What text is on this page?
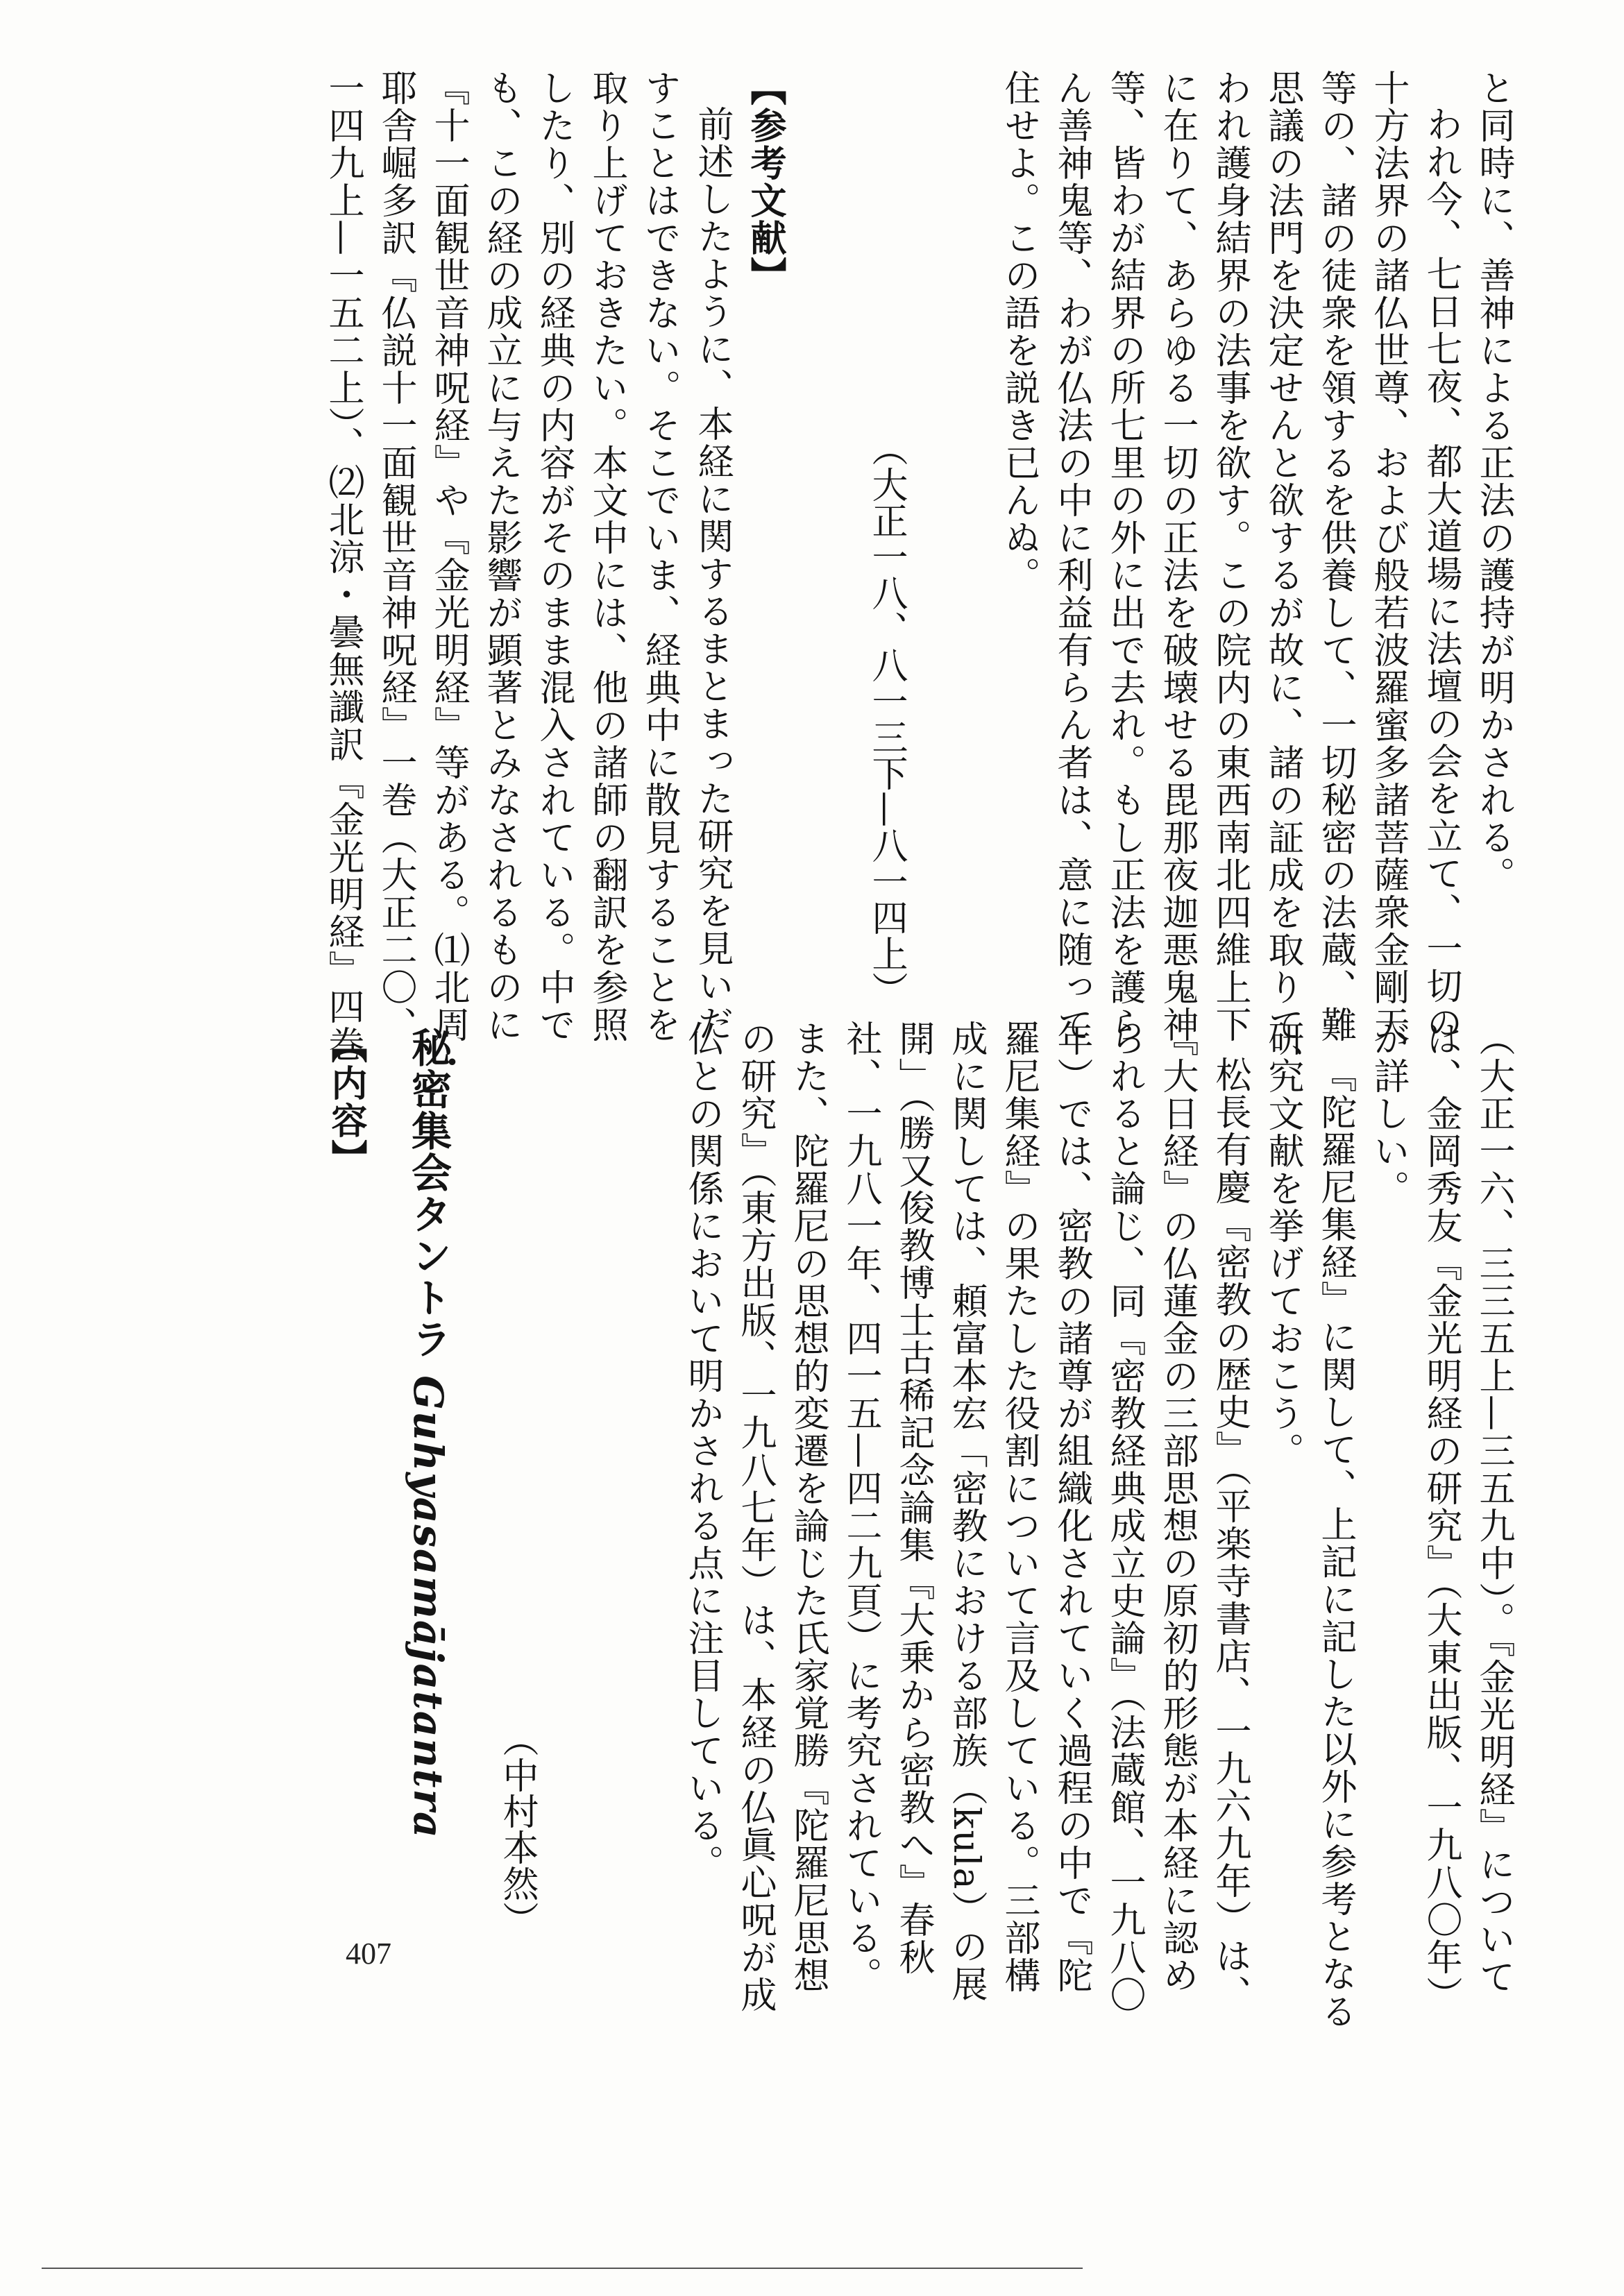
と同時に、善神による正法の護持が明かされる。
われ今、七日七夜、都大道場に法壇の会を立て、一切の
十方法界の諸仏世尊、および般若波羅蜜多諸菩薩衆金剛天
等の、諸の徒衆を領するを供養して、一切秘密の法蔵、難
思議の法門を決定せんと欲するが故に、諸の証成を取りて、
われ護身結界の法事を欲す。この院内の東西南北四維上下
に在りて、あらゆる一切の正法を破壊せる毘那夜迦悪鬼神
等、皆わが結界の所七里の外に出で去れ。もし正法を護ら
ん善神鬼等、わが仏法の中に利益有らん者は、意に随って
住せよ。この語を説き已んぬ。
（大正一八、八一三下—八一四上）
【参考文献】
前述したように、本経に関するまとまった研究を見いだ
すことはできない。そこでいま、経典中に散見することを
取り上げておきたい。本文中には、他の諸師の翻訳を参照
したり、別の経典の内容がそのまま混入されている。中で
も、この経の成立に与えた影響が顕著とみなされるものに
『十一面観世音神呪経』や『金光明経』等がある。⑴北周・
耶舎崛多訳『仏説十一面観世音神呪経』一巻（大正二〇、
一四九上—一五二上）、⑵北涼・曇無讖訳『金光明経』四巻
（大正一六、三三五上—三五九中）。『金光明経』について
は、金岡秀友『金光明経の研究』（大東出版、一九八〇年）
が詳しい。
『陀羅尼集経』に関して、上記に記した以外に参考となる
研究文献を挙げておこう。
松長有慶『密教の歴史』（平楽寺書店、一九六九年）は、
『大日経』の仏蓮金の三部思想の原初的形態が本経に認め
られると論じ、同『密教経典成立史論』（法蔵館、一九八〇
年）では、密教の諸尊が組織化されていく過程の中で『陀
羅尼集経』の果たした役割について言及している。三部構
成に関しては、頼富本宏「密教における部族（kula）の展
開」（勝又俊教博士古稀記念論集『大乗から密教へ』春秋
社、一九八一年、四一五—四二九頁）に考究されている。
また、陀羅尼の思想的変遷を論じた氏家覚勝『陀羅尼思想
の研究』（東方出版、一九八七年）は、本経の仏眞心呪が成
仏との関係において明かされる点に注目している。
（中村本然）
秘密集会タントラ Guhyasamājatantra
【内容】
407
